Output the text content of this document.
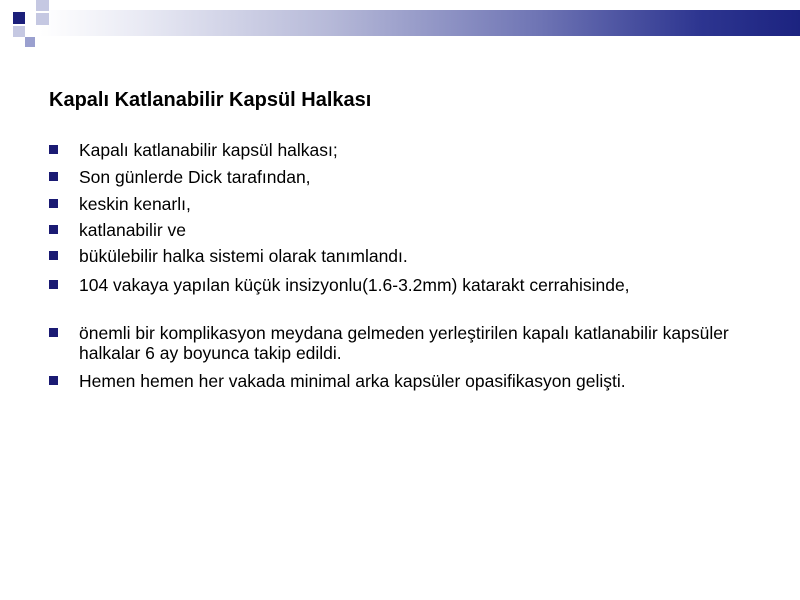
Kapalı Katlanabilir Kapsül Halkası
Kapalı katlanabilir kapsül halkası;
Son günlerde Dick tarafından,
keskin kenarlı,
katlanabilir ve
bükülebilir halka sistemi olarak tanımlandı.
104 vakaya yapılan küçük insizyonlu(1.6-3.2mm) katarakt cerrahisinde,
önemli bir komplikasyon meydana gelmeden yerleştirilen kapalı katlanabilir kapsüler halkalar 6 ay boyunca takip edildi.
Hemen hemen her vakada minimal arka kapsüler opasifikasyon gelişti.
